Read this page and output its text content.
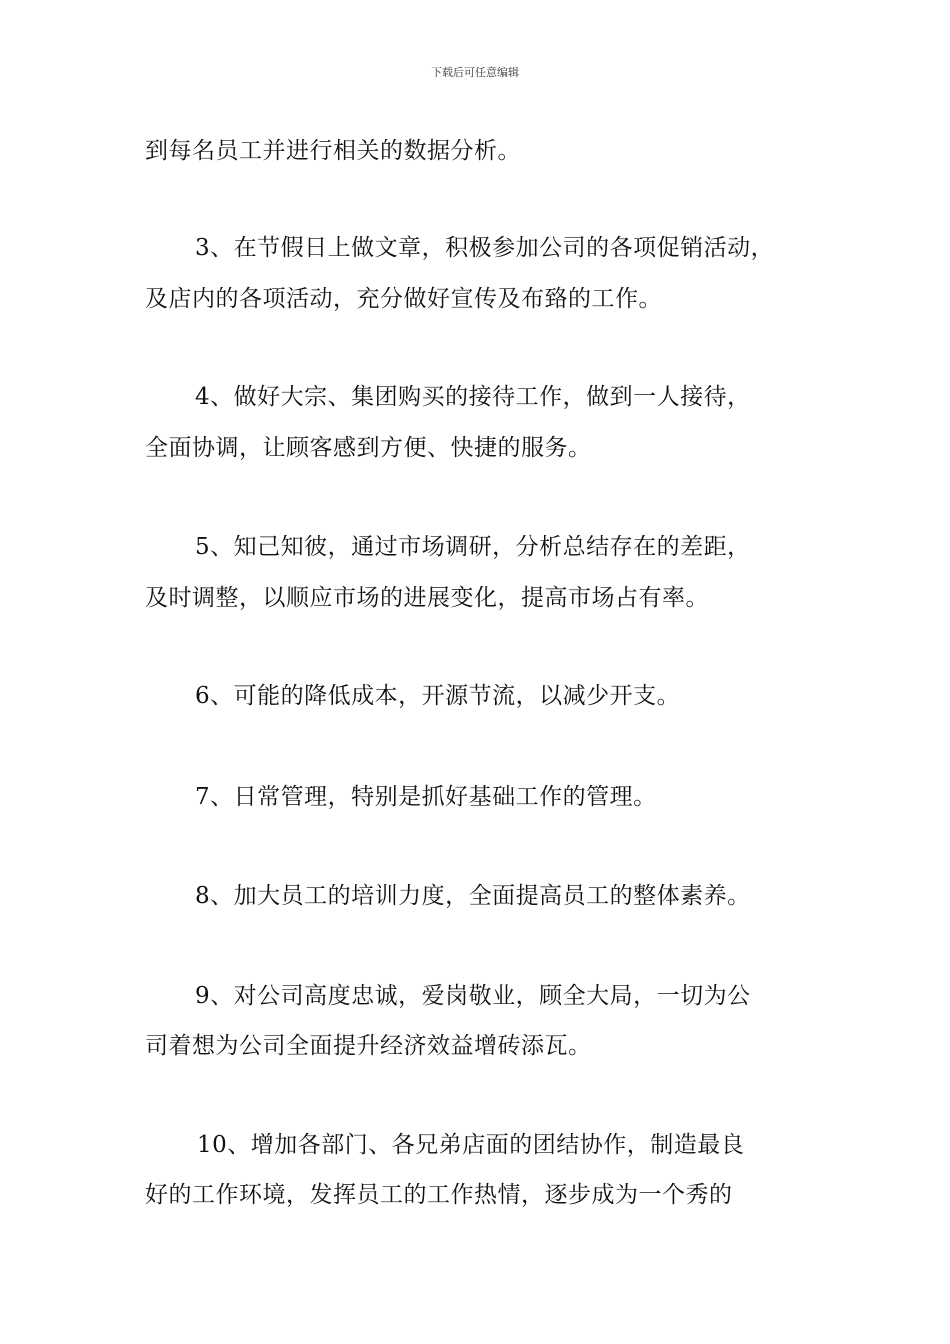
下载后可任意编辑
到每名员工并进行相关的数据分析。
3、在节假日上做文章，积极参加公司的各项促销活动，
及店内的各项活动，充分做好宣传及布臵的工作。
4、做好大宗、集团购买的接待工作，做到一人接待，
全面协调，让顾客感到方便、快捷的服务。
5、知己知彼，通过市场调研，分析总结存在的差距，
及时调整，以顺应市场的进展变化，提高市场占有率。
6、可能的降低成本，开源节流，以减少开支。
7、日常管理，特别是抓好基础工作的管理。
8、加大员工的培训力度，全面提高员工的整体素养。
9、对公司高度忠诚，爱岗敬业，顾全大局，一切为公
司着想为公司全面提升经济效益增砖添瓦。
10、增加各部门、各兄弟店面的团结协作，制造最良
好的工作环境，发挥员工的工作热情，逐步成为一个秀的
